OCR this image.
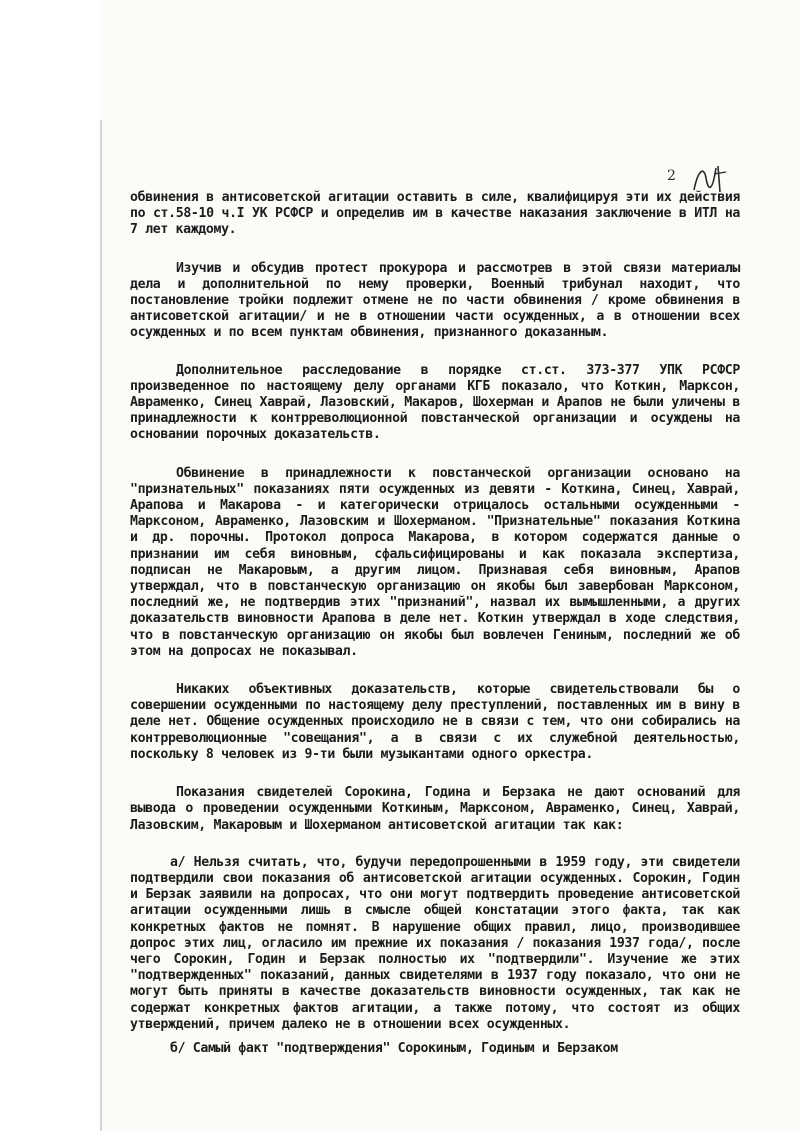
2

обвинения в антисоветской агитации оставить в силе, квалифицируя эти их действия по ст.58-10 ч.I УК РСФСР и определив им в качестве наказания заключение в ИТЛ на 7 лет каждому.

Изучив и обсудив протест прокурора и рассмотрев в этой связи материалы дела и дополнительной по нему проверки, Военный трибунал находит, что постановление тройки подлежит отмене не по части обвинения / кроме обвинения в антисоветской агитации/ и не в отношении части осужденных, а в отношении всех осужденных и по всем пунктам обвинения, признанного доказанным.

Дополнительное расследование в порядке ст.ст. 373-377 УПК РСФСР произведенное по настоящему делу органами КГБ показало, что Коткин, Марксон, Авраменко, Синец Хаврай, Лазовский, Макаров, Шохерман и Арапов не были уличены в принадлежности к контрреволюционной повстанческой организации и осуждены на основании порочных доказательств.

Обвинение в принадлежности к повстанческой организации основано на "признательных" показаниях пяти осужденных из девяти - Коткина, Синец, Хаврай, Арапова и Макарова - и категорически отрицалось остальными осужденными - Марксоном, Авраменко, Лазовским и Шохерманом. "Признательные" показания Коткина и др. порочны. Протокол допроса Макарова, в котором содержатся данные о признании им себя виновным, сфальсифицированы и как показала экспертиза, подписан не Макаровым, а другим лицом. Признавая себя виновным, Арапов утверждал, что в повстанческую организацию он якобы был завербован Марксоном, последний же, не подтвердив этих "признаний", назвал их вымышленными, а других доказательств виновности Арапова в деле нет. Коткин утверждал в ходе следствия, что в повстанческую организацию он якобы был вовлечен Гениным, последний же об этом на допросах не показывал.

Никаких объективных доказательств, которые свидетельствовали бы о совершении осужденными по настоящему делу преступлений, поставленных им в вину в деле нет. Общение осужденных происходило не в связи с тем, что они собирались на контрреволюционные "совещания", а в связи с их служебной деятельностью, поскольку 8 человек из 9-ти были музыкантами одного оркестра.

Показания свидетелей Сорокина, Година и Берзака не дают оснований для вывода о проведении осужденными Коткиным, Марксоном, Авраменко, Синец, Хаврай, Лазовским, Макаровым и Шохерманом антисоветской агитации так как:

а/ Нельзя считать, что, будучи передопрошенными в 1959 году, эти свидетели подтвердили свои показания об антисоветской агитации осужденных. Сорокин, Годин и Берзак заявили на допросах, что они могут подтвердить проведение антисоветской агитации осужденными лишь в смысле общей констатации этого факта, так как конкретных фактов не помнят. В нарушение общих правил, лицо, производившее допрос этих лиц, огласило им прежние их показания / показания 1937 года/, после чего Сорокин, Годин и Берзак полностью их "подтвердили". Изучение же этих "подтвержденных" показаний, данных свидетелями в 1937 году показало, что они не могут быть приняты в качестве доказательств виновности осужденных, так как не содержат конкретных фактов агитации, а также потому, что состоят из общих утверждений, причем далеко не в отношении всех осужденных.

б/ Самый факт "подтверждения" Сорокиным, Годиным и Берзаком
